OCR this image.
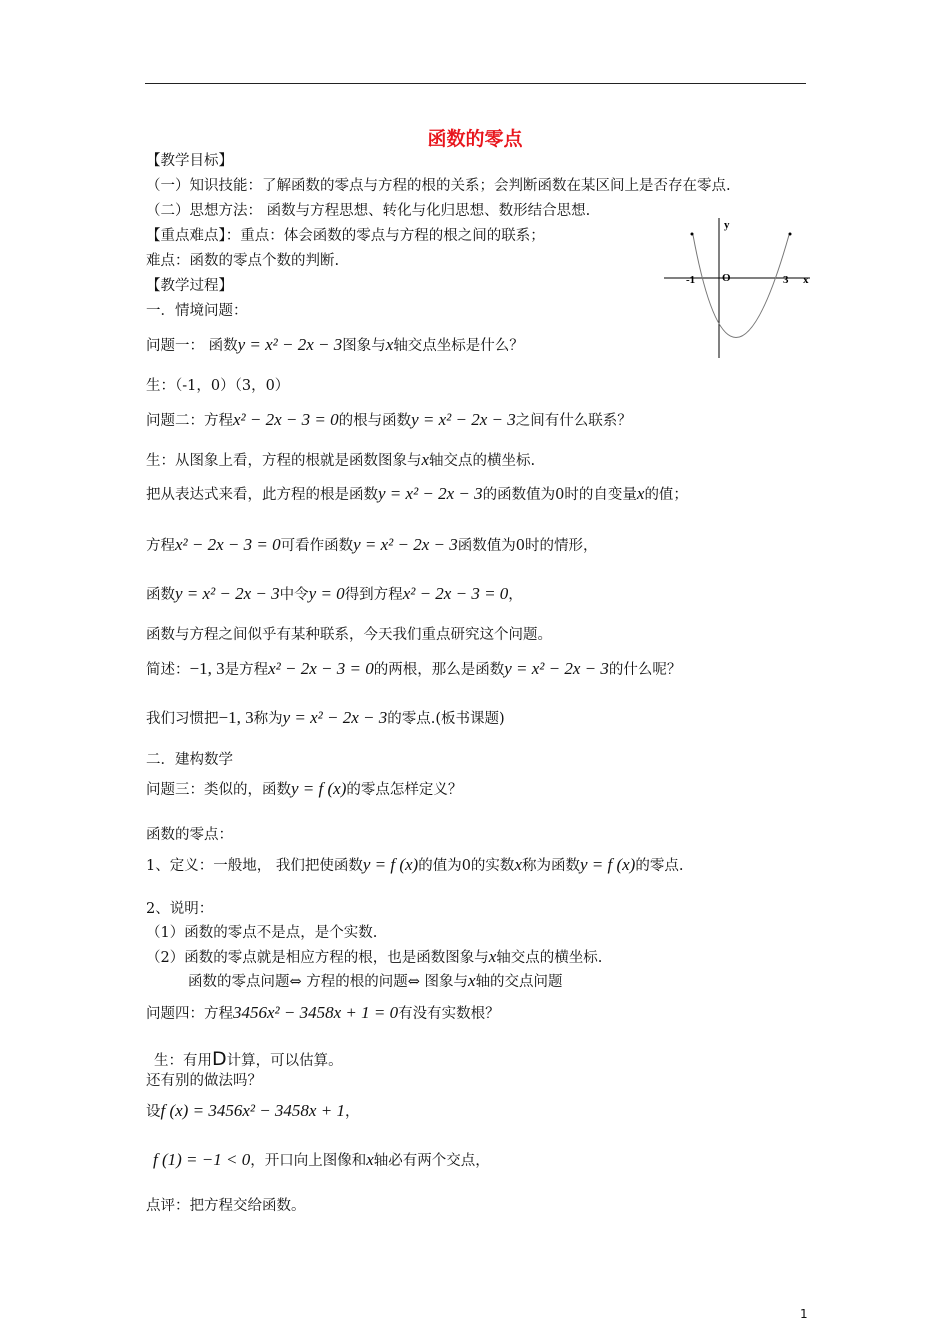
函数的零点
【教学目标】
（一）知识技能：了解函数的零点与方程的根的关系；会判断函数在某区间上是否存在零点.
（二）思想方法： 函数与方程思想、转化与化归思想、数形结合思想.
【重点难点】：重点：体会函数的零点与方程的根之间的联系；
难点：函数的零点个数的判断.
【教学过程】
一．情境问题：
问题一： 函数y = x² − 2x − 3图象与x轴交点坐标是什么？
生：（-1，0）（3，0）
问题二：方程x² − 2x − 3 = 0的根与函数y = x² − 2x − 3之间有什么联系？
生：从图象上看，方程的根就是函数图象与x轴交点的横坐标.
把从表达式来看，此方程的根是函数y = x² − 2x − 3的函数值为0时的自变量x的值；
方程x² − 2x − 3 = 0可看作函数y = x² − 2x − 3函数值为0时的情形，
函数y = x² − 2x − 3中令y = 0得到方程x² − 2x − 3 = 0，
函数与方程之间似乎有某种联系，今天我们重点研究这个问题。
简述：−1, 3是方程x² − 2x − 3 = 0的两根，那么是函数y = x² − 2x − 3的什么呢？
我们习惯把−1, 3称为y = x² − 2x − 3的零点.(板书课题)
二．建构数学
问题三：类似的，函数y = f (x)的零点怎样定义？
函数的零点：
1、定义：一般地， 我们把使函数y = f (x)的值为0的实数x称为函数y = f (x)的零点.
2、说明：
（1）函数的零点不是点，是个实数.
（2）函数的零点就是相应方程的根，也是函数图象与x轴交点的横坐标.
函数的零点问题⇔ 方程的根的问题⇔ 图象与x轴的交点问题
问题四：方程3456x² − 3458x + 1 = 0有没有实数根？
生：有用D计算，可以估算。
还有别的做法吗？
设f (x) = 3456x² − 3458x + 1，
f (1) = −1 < 0，开口向上图像和x轴必有两个交点，
点评：把方程交给函数。
y
x
O
-1	3
1
